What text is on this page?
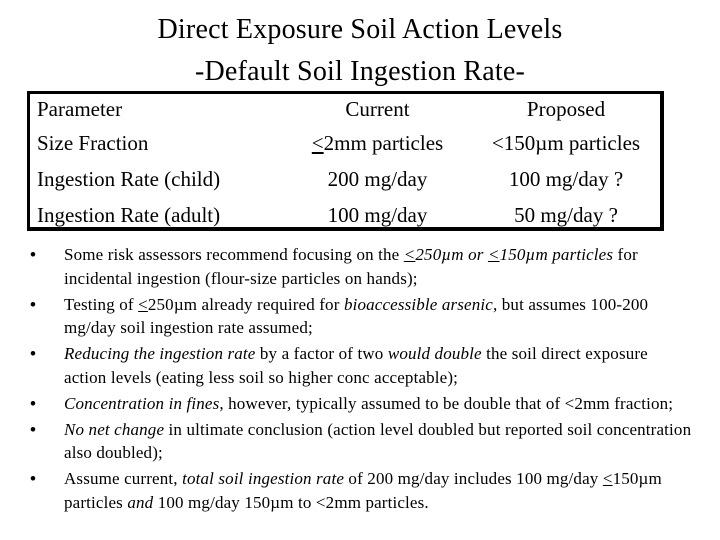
Direct Exposure Soil Action Levels
-Default Soil Ingestion Rate-
Parameter	Current	Proposed
Size Fraction	≤2mm particles	<150µm particles
Ingestion Rate (child)	200 mg/day	100 mg/day ?
Ingestion Rate (adult)	100 mg/day	50 mg/day ?
•	Some risk assessors recommend focusing on the <250µm or <150µm particles for incidental ingestion (flour-size particles on hands);
•	Testing of <250µm already required for bioaccessible arsenic, but assumes 100-200 mg/day soil ingestion rate assumed;
•	Reducing the ingestion rate by a factor of two would double the soil direct exposure action levels (eating less soil so higher conc acceptable);
•	Concentration in fines, however, typically assumed to be double that of <2mm fraction;
•	No net change in ultimate conclusion (action level doubled but reported soil concentration also doubled);
•	Assume current, total soil ingestion rate of 200 mg/day includes 100 mg/day <150µm particles and 100 mg/day 150µm to <2mm particles.
